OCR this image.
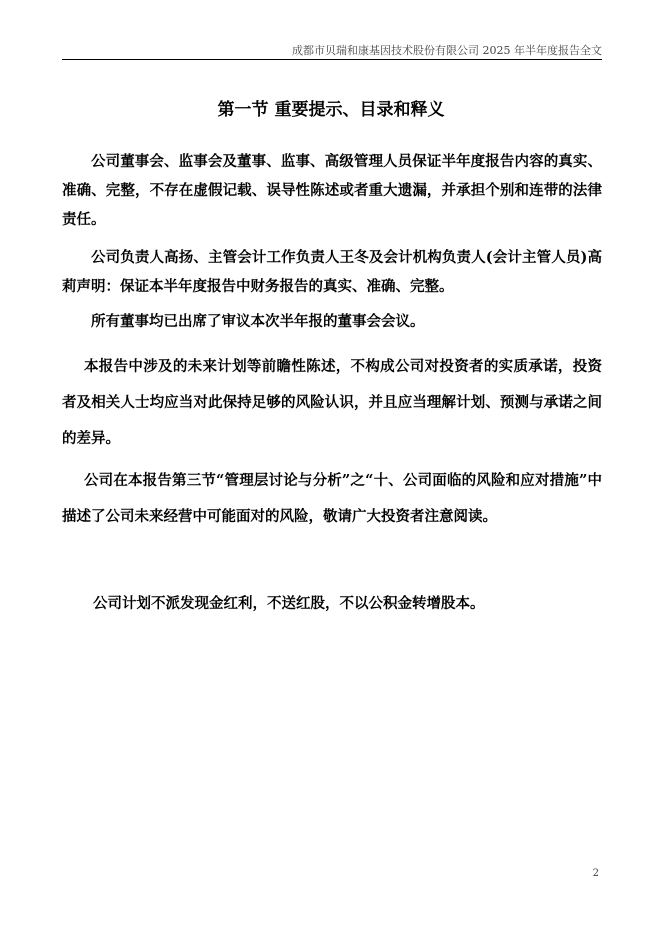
成都市贝瑞和康基因技术股份有限公司 2025 年半年度报告全文
第一节 重要提示、目录和释义

公司董事会、监事会及董事、监事、高级管理人员保证半年度报告内容的真实、准确、完整，不存在虚假记载、误导性陈述或者重大遗漏，并承担个别和连带的法律责任。

公司负责人高扬、主管会计工作负责人王冬及会计机构负责人(会计主管人员)高莉声明：保证本半年度报告中财务报告的真实、准确、完整。

所有董事均已出席了审议本次半年报的董事会会议。

本报告中涉及的未来计划等前瞻性陈述，不构成公司对投资者的实质承诺，投资者及相关人士均应当对此保持足够的风险认识，并且应当理解计划、预测与承诺之间的差异。

公司在本报告第三节“管理层讨论与分析”之“十、公司面临的风险和应对措施”中描述了公司未来经营中可能面对的风险，敬请广大投资者注意阅读。

公司计划不派发现金红利，不送红股，不以公积金转增股本。

2
